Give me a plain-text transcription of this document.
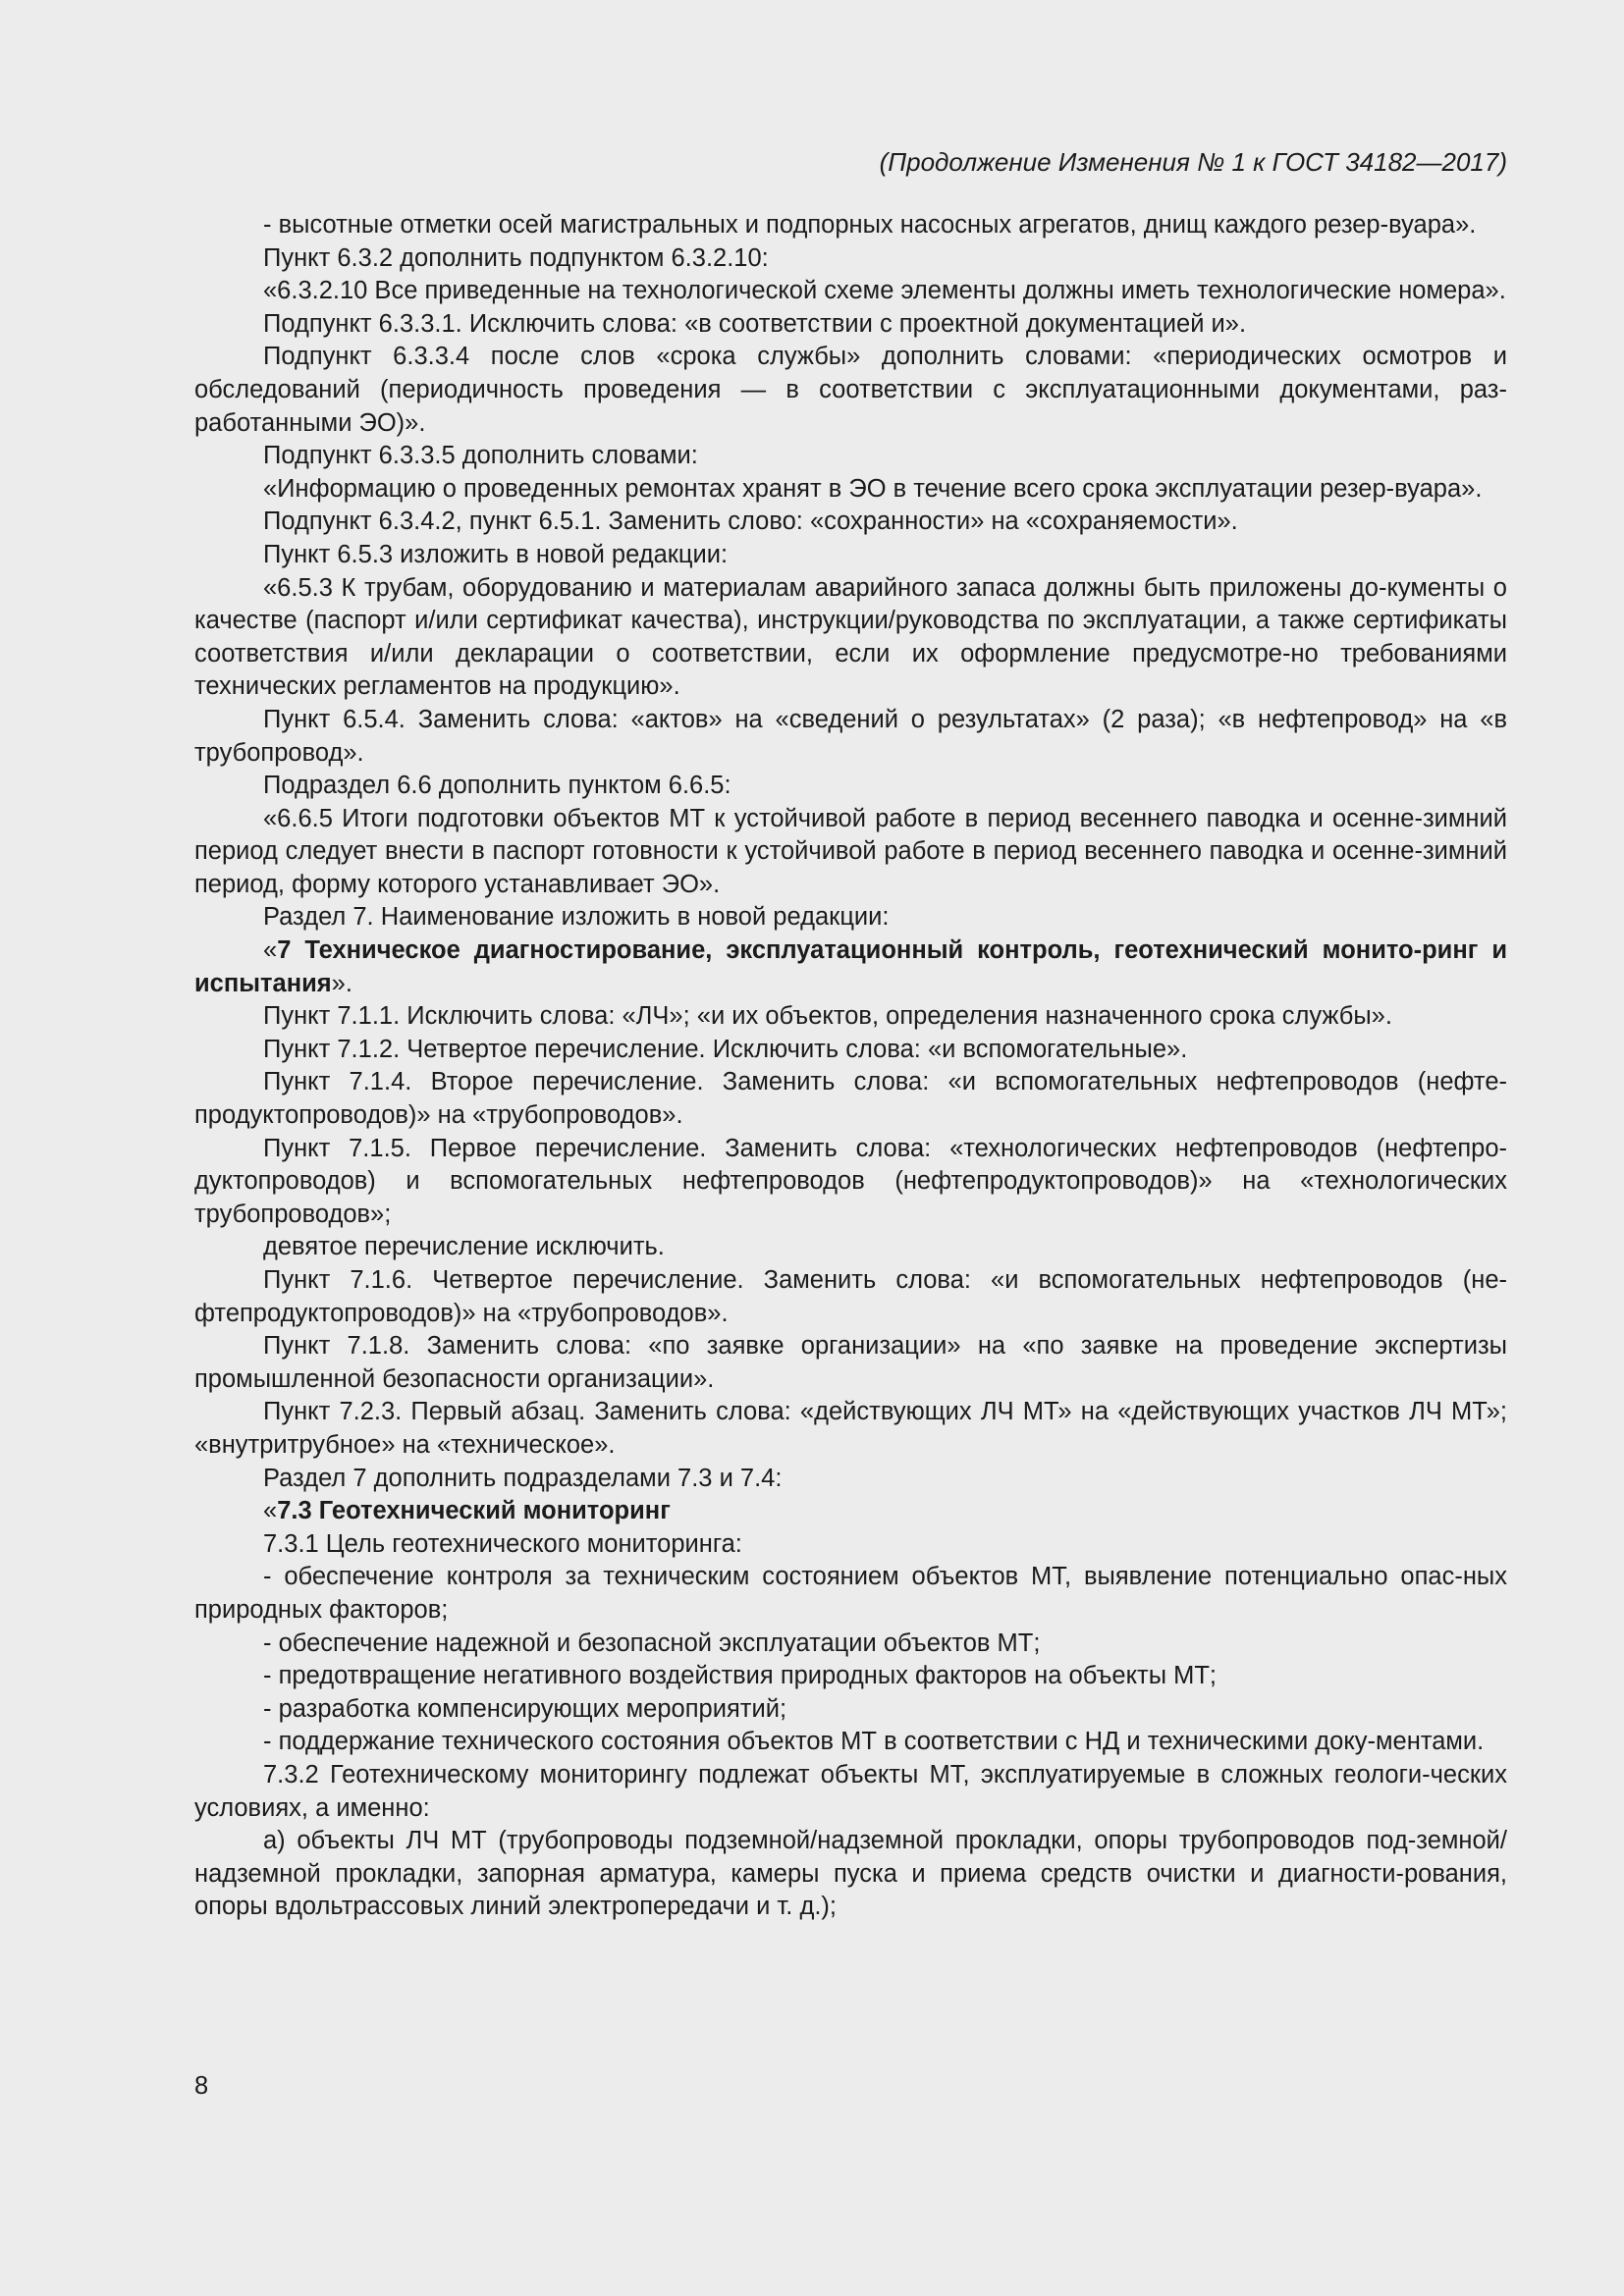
(Продолжение Изменения № 1 к ГОСТ 34182—2017)

- высотные отметки осей магистральных и подпорных насосных агрегатов, днищ каждого резер-вуара».

Пункт 6.3.2 дополнить подпунктом 6.3.2.10:

«6.3.2.10 Все приведенные на технологической схеме элементы должны иметь технологические номера».

Подпункт 6.3.3.1. Исключить слова: «в соответствии с проектной документацией и».

Подпункт 6.3.3.4 после слов «срока службы» дополнить словами: «периодических осмотров и обследований (периодичность проведения — в соответствии с эксплуатационными документами, раз-работанными ЭО)».

Подпункт 6.3.3.5 дополнить словами:

«Информацию о проведенных ремонтах хранят в ЭО в течение всего срока эксплуатации резер-вуара».

Подпункт 6.3.4.2, пункт 6.5.1. Заменить слово: «сохранности» на «сохраняемости».

Пункт 6.5.3 изложить в новой редакции:

«6.5.3 К трубам, оборудованию и материалам аварийного запаса должны быть приложены до-кументы о качестве (паспорт и/или сертификат качества), инструкции/руководства по эксплуатации, а также сертификаты соответствия и/или декларации о соответствии, если их оформление предусмотре-но требованиями технических регламентов на продукцию».

Пункт 6.5.4. Заменить слова: «актов» на «сведений о результатах» (2 раза); «в нефтепровод» на «в трубопровод».

Подраздел 6.6 дополнить пунктом 6.6.5:

«6.6.5 Итоги подготовки объектов МТ к устойчивой работе в период весеннего паводка и осенне-зимний период следует внести в паспорт готовности к устойчивой работе в период весеннего паводка и осенне-зимний период, форму которого устанавливает ЭО».

Раздел 7. Наименование изложить в новой редакции:

«7 Техническое диагностирование, эксплуатационный контроль, геотехнический монито-ринг и испытания».

Пункт 7.1.1. Исключить слова: «ЛЧ»; «и их объектов, определения назначенного срока службы».

Пункт 7.1.2. Четвертое перечисление. Исключить слова: «и вспомогательные».

Пункт 7.1.4. Второе перечисление. Заменить слова: «и вспомогательных нефтепроводов (нефте-продуктопроводов)» на «трубопроводов».

Пункт 7.1.5. Первое перечисление. Заменить слова: «технологических нефтепроводов (нефтепро-дуктопроводов) и вспомогательных нефтепроводов (нефтепродуктопроводов)» на «технологических трубопроводов»;

девятое перечисление исключить.

Пункт 7.1.6. Четвертое перечисление. Заменить слова: «и вспомогательных нефтепроводов (не-фтепродуктопроводов)» на «трубопроводов».

Пункт 7.1.8. Заменить слова: «по заявке организации» на «по заявке на проведение экспертизы промышленной безопасности организации».

Пункт 7.2.3. Первый абзац. Заменить слова: «действующих ЛЧ МТ» на «действующих участков ЛЧ МТ»; «внутритрубное» на «техническое».

Раздел 7 дополнить подразделами 7.3 и 7.4:

«7.3 Геотехнический мониторинг

7.3.1 Цель геотехнического мониторинга:

- обеспечение контроля за техническим состоянием объектов МТ, выявление потенциально опас-ных природных факторов;

- обеспечение надежной и безопасной эксплуатации объектов МТ;

- предотвращение негативного воздействия природных факторов на объекты МТ;

- разработка компенсирующих мероприятий;

- поддержание технического состояния объектов МТ в соответствии с НД и техническими доку-ментами.

7.3.2 Геотехническому мониторингу подлежат объекты МТ, эксплуатируемые в сложных геологи-ческих условиях, а именно:

а) объекты ЛЧ МТ (трубопроводы подземной/надземной прокладки, опоры трубопроводов под-земной/надземной прокладки, запорная арматура, камеры пуска и приема средств очистки и диагности-рования, опоры вдольтрассовых линий электропередачи и т. д.);

8
